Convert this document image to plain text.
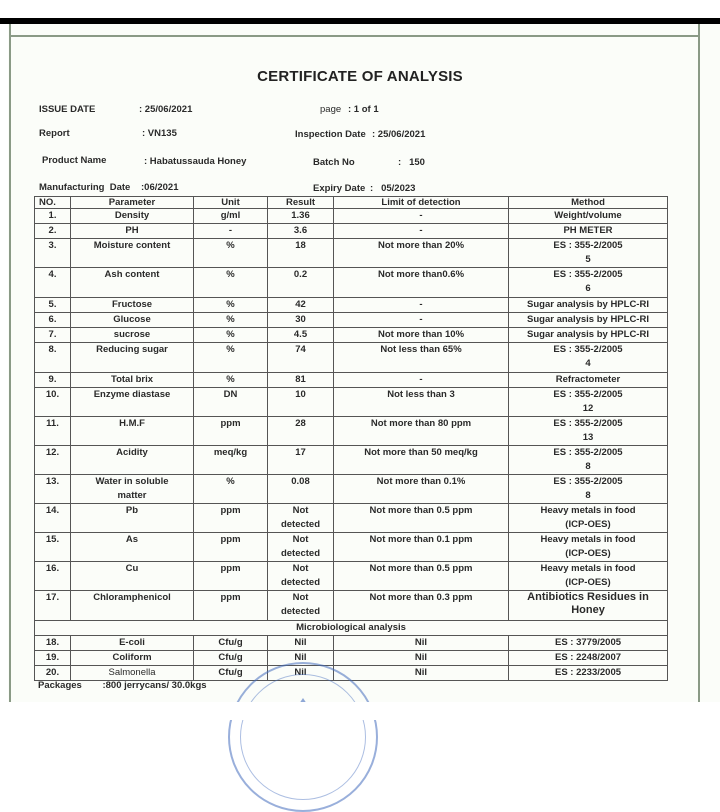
CERTIFICATE OF ANALYSIS
ISSUE DATE	: 25/06/2021	page : 1 of 1
Report	: VN135	Inspection Date : 25/06/2021
Product Name	: Habatussauda Honey	Batch No	:   150
Manufacturing  Date :06/2021	Expiry Date :   05/2023
NO.	Parameter	Unit	Result	Limit of detection	Method
1.	Density	g/ml	1.36	-	Weight/volume
2.	PH	-	3.6	-	PH METER
3.	Moisture content	%	18	Not more than 20%	ES : 355-2/2005
5
4.	Ash content	%	0.2	Not more than0.6%	ES : 355-2/2005
6
5.	Fructose	%	42	-	Sugar analysis by HPLC-RI
6.	Glucose	%	30	-	Sugar analysis by HPLC-RI
7.	sucrose	%	4.5	Not more than 10%	Sugar analysis by HPLC-RI
8.	Reducing sugar	%	74	Not less than 65%	ES : 355-2/2005
4
9.	Total brix	%	81	-	Refractometer
10.	Enzyme diastase	DN	10	Not less than 3	ES : 355-2/2005
12
11.	H.M.F	ppm	28	Not more than 80 ppm	ES : 355-2/2005
13
12.	Acidity	meq/kg	17	Not more than 50 meq/kg	ES : 355-2/2005
8
13.	Water in soluble
matter	%	0.08	Not more than 0.1%	ES : 355-2/2005
8
14.	Pb	ppm	Not
detected	Not more than 0.5 ppm	Heavy metals in food
(ICP-OES)
15.	As	ppm	Not
detected	Not more than 0.1 ppm	Heavy metals in food
(ICP-OES)
16.	Cu	ppm	Not
detected	Not more than 0.5 ppm	Heavy metals in food
(ICP-OES)
17.	Chloramphenicol	ppm	Not
detected	Not more than 0.3 ppm	Antibiotics Residues in
Honey
Microbiological analysis					
18.	E-coli	Cfu/g	Nil	Nil	ES : 3779/2005
19.	Coliform	Cfu/g	Nil	Nil	ES : 2248/2007
20.	Salmonella	Cfu/g	Nil	Nil	ES : 2233/2005
Packages :800 jerrycans/ 30.0kgs
